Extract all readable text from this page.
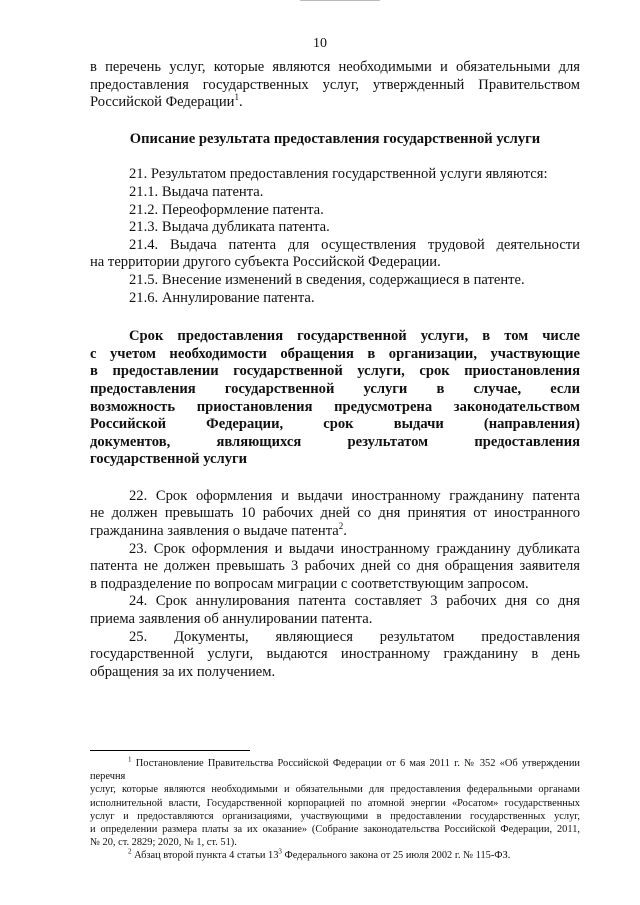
10

в перечень услуг, которые являются необходимыми и обязательными для

предоставления государственных услуг, утвержденный Правительством

Российской Федерации$^1$.

Описание результата предоставления государственной услуги

21. Результатом предоставления государственной услуги являются:

21.1. Выдача патента.

21.2. Переоформление патента.

21.3. Выдача дубликата патента.

21.4. Выдача патента для осуществления трудовой деятельности

на территории другого субъекта Российской Федерации.

21.5. Внесение изменений в сведения, содержащиеся в патенте.

21.6. Аннулирование патента.

Срок предоставления государственной услуги, в том числе

с учетом необходимости обращения в организации, участвующие

в предоставлении государственной услуги, срок приостановления

предоставления государственной услуги в случае, если

возможность приостановления предусмотрена законодательством

Российской Федерации, срок выдачи (направления)

документов, являющихся результатом предоставления

государственной услуги

22. Срок оформления и выдачи иностранному гражданину патента

не должен превышать 10 рабочих дней со дня принятия от иностранного

гражданина заявления о выдаче патента$^2$.

23. Срок оформления и выдачи иностранному гражданину дубликата

патента не должен превышать 3 рабочих дней со дня обращения заявителя

в подразделение по вопросам миграции с соответствующим запросом.

24. Срок аннулирования патента составляет 3 рабочих дня со дня

приема заявления об аннулировании патента.

25. Документы, являющиеся результатом предоставления

государственной услуги, выдаются иностранному гражданину в день

обращения за их получением.

$^1$ Постановление Правительства Российской Федерации от 6 мая 2011 г. № 352 «Об утверждении перечня

услуг, которые являются необходимыми и обязательными для предоставления федеральными органами

исполнительной власти, Государственной корпорацией по атомной энергии «Росатом» государственных

услуг и предоставляются организациями, участвующими в предоставлении государственных услуг,

и определении размера платы за их оказание» (Собрание законодательства Российской Федерации, 2011,

№ 20, ст. 2829; 2020, № 1, ст. 51).

$^2$ Абзац второй пункта 4 статьи 13$^3$ Федерального закона от 25 июля 2002 г. № 115-ФЗ.
